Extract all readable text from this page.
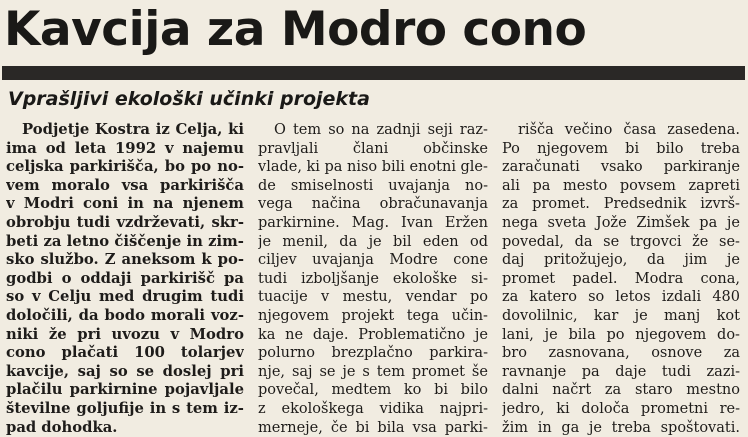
Kavcija za Modro cono
Vprašljivi ekološki učinki projekta
Podjetje Kostra iz Celja, ki
ima od leta 1992 v najemu
celjska parkirišča, bo po no-
vem moralo vsa parkirišča
v Modri coni in na njenem
obrobju tudi vzdrževati, skr-
beti za letno čiščenje in zim-
sko službo. Z aneksom k po-
godbi o oddaji parkirišč pa
so v Celju med drugim tudi
določili, da bodo morali voz-
niki že pri uvozu v Modro
cono plačati 100 tolarjev
kavcije, saj so se doslej pri
plačilu parkirnine pojavljale
številne goljufije in s tem iz-
pad dohodka.
O tem so na zadnji seji raz-
pravljali člani občinske
vlade, ki pa niso bili enotni gle-
de smiselnosti uvajanja no-
vega načina obračunavanja
parkirnine. Mag. Ivan Eržen
je menil, da je bil eden od
ciljev uvajanja Modre cone
tudi izboljšanje ekološke si-
tuacije v mestu, vendar po
njegovem projekt tega učin-
ka ne daje. Problematično je
polurno brezplačno parkira-
nje, saj se je s tem promet še
povečal, medtem ko bi bilo
z ekološkega vidika najpri-
merneje, če bi bila vsa parki-
rišča večino časa zasedena.
Po njegovem bi bilo treba
zaračunati vsako parkiranje
ali pa mesto povsem zapreti
za promet. Predsednik izvrš-
nega sveta Jože Zimšek pa je
povedal, da se trgovci že se-
daj pritožujejo, da jim je
promet padel. Modra cona,
za katero so letos izdali 480
dovolilnic, kar je manj kot
lani, je bila po njegovem do-
bro zasnovana, osnove za
ravnanje pa daje tudi zazi-
dalni načrt za staro mestno
jedro, ki določa prometni re-
žim in ga je treba spoštovati.
